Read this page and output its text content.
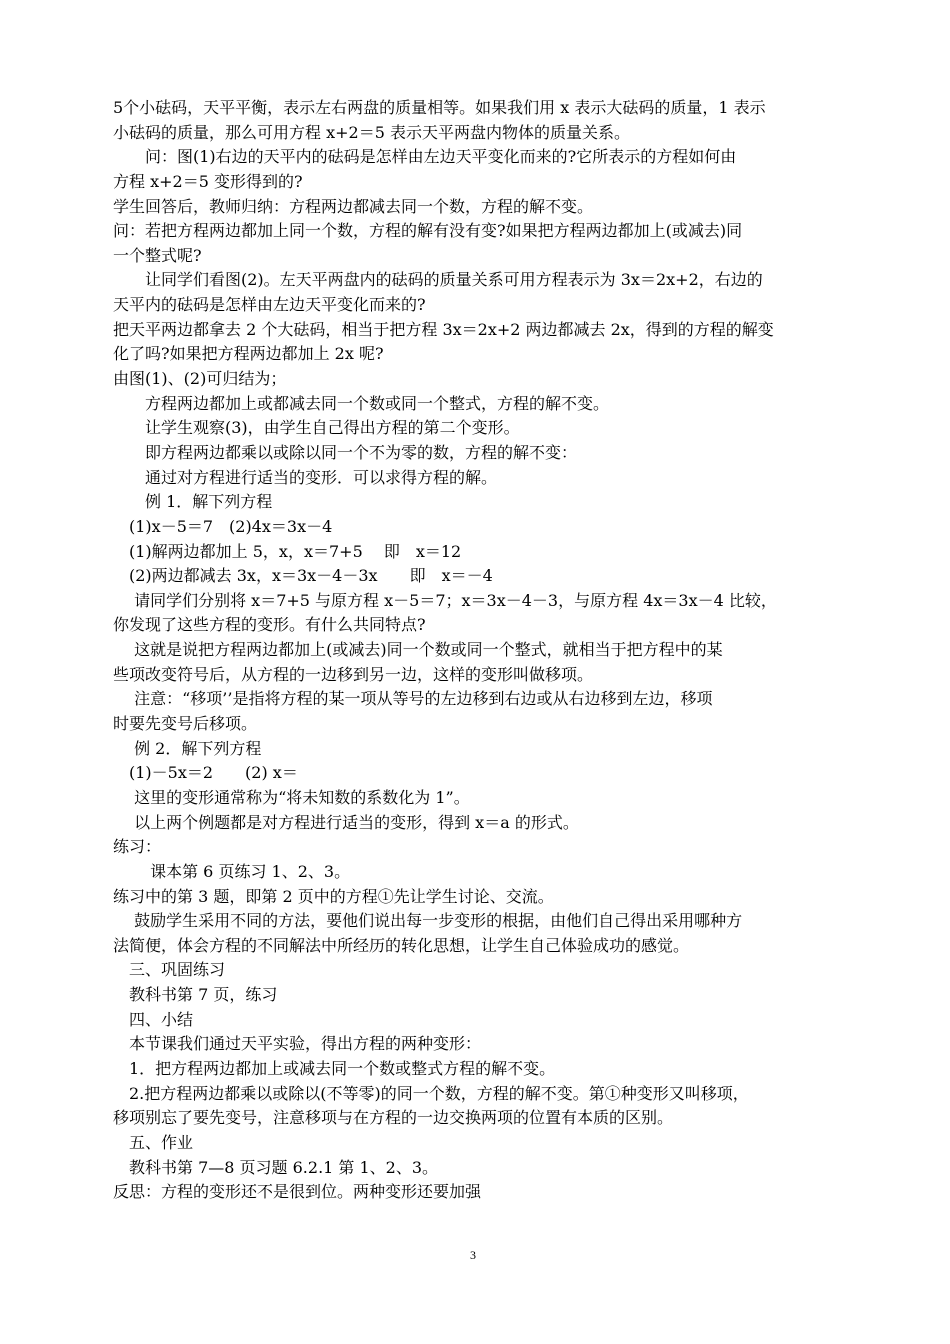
5个小砝码，天平平衡，表示左右两盘的质量相等。如果我们用 x 表示大砝码的质量，1 表示
小砝码的质量，那么可用方程 x+2＝5 表示天平两盘内物体的质量关系。
　　问：图(1)右边的天平内的砝码是怎样由左边天平变化而来的?它所表示的方程如何由
方程 x+2＝5 变形得到的?
学生回答后，教师归纳：方程两边都减去同一个数，方程的解不变。
问：若把方程两边都加上同一个数，方程的解有没有变?如果把方程两边都加上(或减去)同
一个整式呢?
　　让同学们看图(2)。左天平两盘内的砝码的质量关系可用方程表示为 3x＝2x+2，右边的
天平内的砝码是怎样由左边天平变化而来的?
把天平两边都拿去 2 个大砝码，相当于把方程 3x＝2x+2 两边都减去 2x，得到的方程的解变
化了吗?如果把方程两边都加上 2x 呢?
由图(1)、(2)可归结为；
　　方程两边都加上或都减去同一个数或同一个整式，方程的解不变。
　　让学生观察(3)，由学生自己得出方程的第二个变形。
　　即方程两边都乘以或除以同一个不为零的数，方程的解不变：
　　通过对方程进行适当的变形．可以求得方程的解。
　　例 1．解下列方程
　(1)x－5＝7　(2)4x＝3x－4
　(1)解两边都加上 5，x，x＝7+5　 即　x＝12
　(2)两边都减去 3x，x＝3x－4－3x　　即　x＝－4
　 请同学们分别将 x＝7+5 与原方程 x－5＝7；x＝3x－4－3，与原方程 4x＝3x－4 比较，
你发现了这些方程的变形。有什么共同特点?
　 这就是说把方程两边都加上(或减去)同一个数或同一个整式，就相当于把方程中的某
些项改变符号后，从方程的一边移到另一边，这样的变形叫做移项。
　 注意：“移项’’是指将方程的某一项从等号的左边移到右边或从右边移到左边，移项
时要先变号后移项。
　 例 2．解下列方程
　(1)－5x＝2　　(2) x＝
　 这里的变形通常称为“将未知数的系数化为 1”。
　 以上两个例题都是对方程进行适当的变形，得到 x＝a 的形式。
练习：
　　 课本第 6 页练习 1、2、3。
练习中的第 3 题，即第 2 页中的方程①先让学生讨论、交流。
　 鼓励学生采用不同的方法，要他们说出每一步变形的根据，由他们自己得出采用哪种方
法简便，体会方程的不同解法中所经历的转化思想，让学生自己体验成功的感觉。
　三、巩固练习
　教科书第 7 页，练习
　四、小结
　本节课我们通过天平实验，得出方程的两种变形：
　1．把方程两边都加上或减去同一个数或整式方程的解不变。
　2.把方程两边都乘以或除以(不等零)的同一个数，方程的解不变。第①种变形又叫移项，
移项别忘了要先变号，注意移项与在方程的一边交换两项的位置有本质的区别。
　五、作业
　教科书第 7—8 页习题 6.2.1 第 1、2、3。
反思：方程的变形还不是很到位。两种变形还要加强
3
